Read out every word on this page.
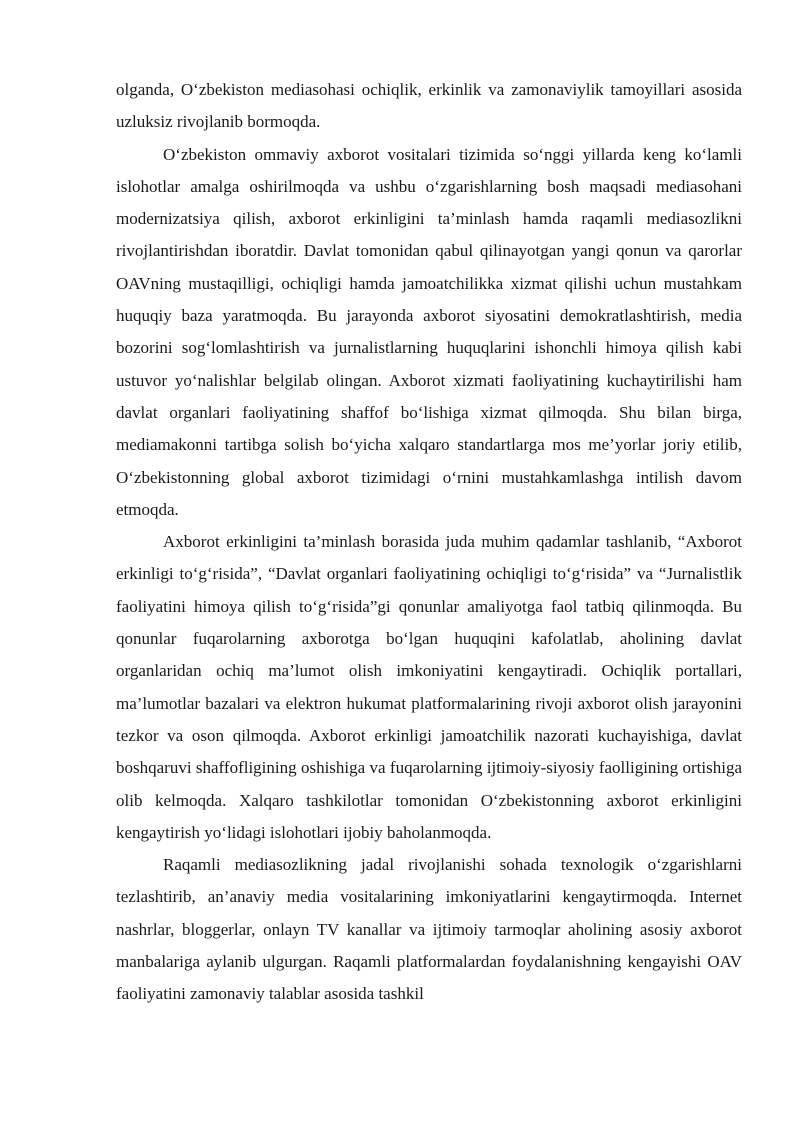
olganda, O‘zbekiston mediasohasi ochiqlik, erkinlik va zamonaviylik tamoyillari asosida uzluksiz rivojlanib bormoqda.

O‘zbekiston ommaviy axborot vositalari tizimida so‘nggi yillarda keng ko‘lamli islohotlar amalga oshirilmoqda va ushbu o‘zgarishlarning bosh maqsadi mediasohani modernizatsiya qilish, axborot erkinligini ta’minlash hamda raqamli mediasozlikni rivojlantirishdan iboratdir. Davlat tomonidan qabul qilinayotgan yangi qonun va qarorlar OAVning mustaqilligi, ochiqligi hamda jamoatchilikka xizmat qilishi uchun mustahkam huquqiy baza yaratmoqda. Bu jarayonda axborot siyosatini demokratlashtirish, media bozorini sog‘lomlashtirish va jurnalistlarning huquqlarini ishonchli himoya qilish kabi ustuvor yo‘nalishlar belgilab olingan. Axborot xizmati faoliyatining kuchaytirilishi ham davlat organlari faoliyatining shaffof bo‘lishiga xizmat qilmoqda. Shu bilan birga, mediamakonni tartibga solish bo‘yicha xalqaro standartlarga mos me’yorlar joriy etilib, O‘zbekistonning global axborot tizimidagi o‘rnini mustahkamlashga intilish davom etmoqda.

Axborot erkinligini ta’minlash borasida juda muhim qadamlar tashlanib, “Axborot erkinligi to‘g‘risida”, “Davlat organlari faoliyatining ochiqligi to‘g‘risida” va “Jurnalistlik faoliyatini himoya qilish to‘g‘risida”gi qonunlar amaliyotga faol tatbiq qilinmoqda. Bu qonunlar fuqarolarning axborotga bo‘lgan huquqini kafolatlab, aholining davlat organlaridan ochiq ma’lumot olish imkoniyatini kengaytiradi. Ochiqlik portallari, ma’lumotlar bazalari va elektron hukumat platformalarining rivoji axborot olish jarayonini tezkor va oson qilmoqda. Axborot erkinligi jamoatchilik nazorati kuchayishiga, davlat boshqaruvi shaffofligining oshishiga va fuqarolarning ijtimoiy-siyosiy faolligining ortishiga olib kelmoqda. Xalqaro tashkilotlar tomonidan O‘zbekistonning axborot erkinligini kengaytirish yo‘lidagi islohotlari ijobiy baholanmoqda.

Raqamli mediasozlikning jadal rivojlanishi sohada texnologik o‘zgarishlarni tezlashtirib, an’anaviy media vositalarining imkoniyatlarini kengaytirmoqda. Internet nashrlar, bloggerlar, onlayn TV kanallar va ijtimoiy tarmoqlar aholining asosiy axborot manbalariga aylanib ulgurgan. Raqamli platformalardan foydalanishning kengayishi OAV faoliyatini zamonaviy talablar asosida tashkil
